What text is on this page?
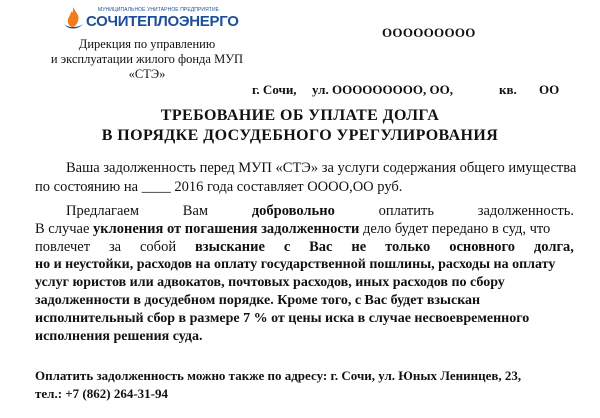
МУНИЦИПАЛЬНОЕ УНИТАРНОЕ ПРЕДПРИЯТИЕ
СОЧИТЕПЛОЭНЕРГО
Дирекция по управлению
и эксплуатации жилого фонда МУП
«СТЭ»
ООООООООО
г. Сочи, ул. ООООООООО, ОО,	кв. ОО
ТРЕБОВАНИЕ ОБ УПЛАТЕ ДОЛГА
В ПОРЯДКЕ ДОСУДЕБНОГО УРЕГУЛИРОВАНИЯ
Ваша задолженность перед МУП «СТЭ» за услуги содержания общего имущества
по состоянию на ____ 2016 года составляет ОООО,ОО руб.
Предлагаем	Вам	добровольно	оплатить	задолженность.
В случае уклонения от погашения задолженности дело будет передано в суд, что
повлечет за собой взыскание с Вас не только основного долга,
но и неустойки, расходов на оплату государственной пошлины, расходы на оплату
услуг юристов или адвокатов, почтовых расходов, иных расходов по сбору
задолженности в досудебном порядке. Кроме того, с Вас будет взыскан
исполнительный сбор в размере 7 % от цены иска в случае несвоевременного
исполнения решения суда.
Оплатить задолженность можно также по адресу: г. Сочи, ул. Юных Ленинцев, 23,
тел.: +7 (862) 264-31-94
